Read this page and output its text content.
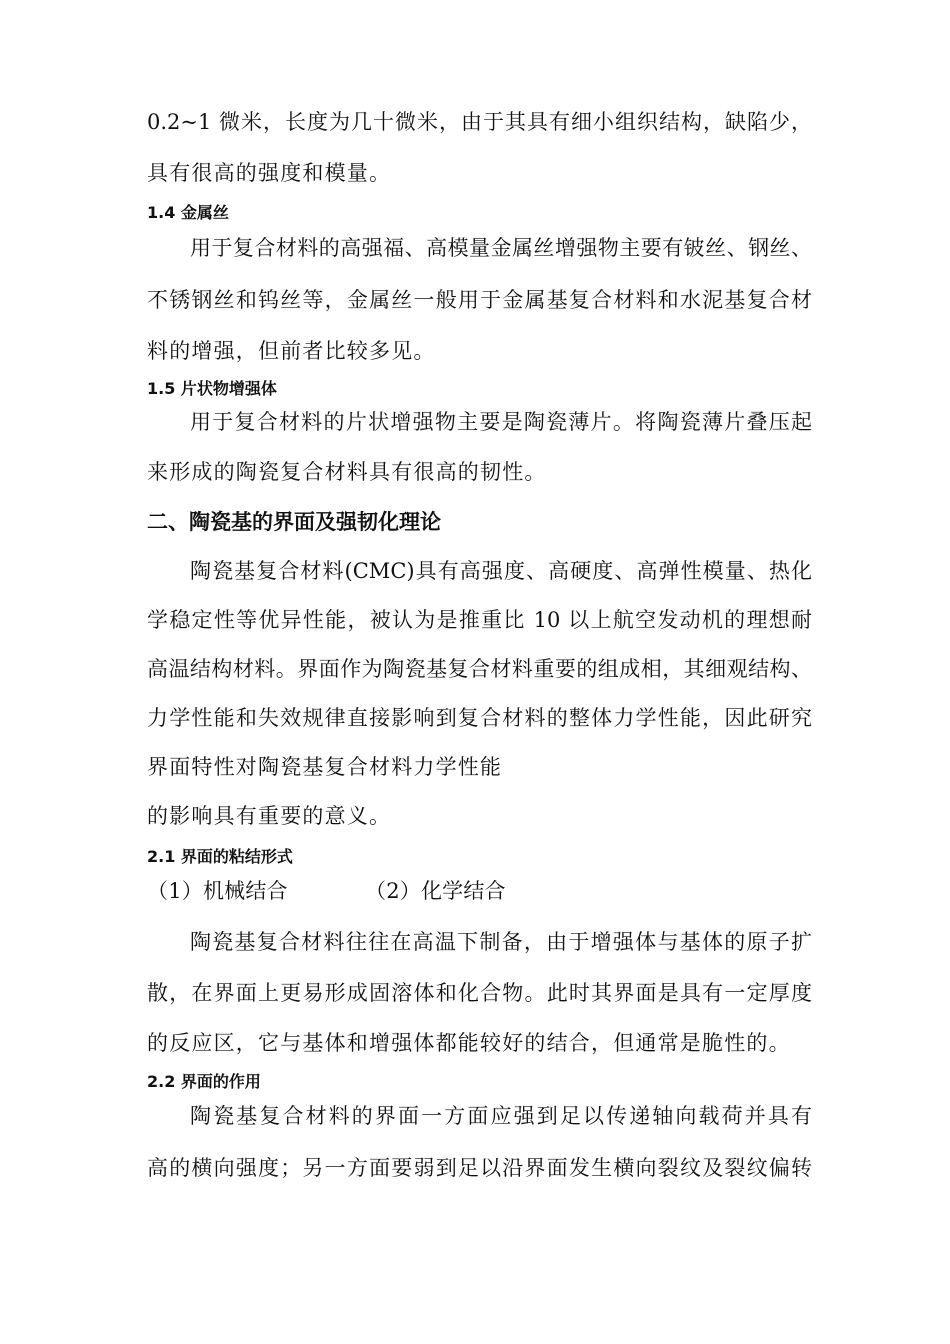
0.2~1 微米，长度为几十微米，由于其具有细小组织结构，缺陷少，
具有很高的强度和模量。
1.4 金属丝
用于复合材料的高强福、高模量金属丝增强物主要有铍丝、钢丝、
不锈钢丝和钨丝等，金属丝一般用于金属基复合材料和水泥基复合材
料的增强，但前者比较多见。
1.5 片状物增强体
用于复合材料的片状增强物主要是陶瓷薄片。将陶瓷薄片叠压起
来形成的陶瓷复合材料具有很高的韧性。
二、陶瓷基的界面及强韧化理论
陶瓷基复合材料(CMC)具有高强度、高硬度、高弹性模量、热化
学稳定性等优异性能，被认为是推重比 10 以上航空发动机的理想耐
高温结构材料。界面作为陶瓷基复合材料重要的组成相，其细观结构、
力学性能和失效规律直接影响到复合材料的整体力学性能，因此研究
界面特性对陶瓷基复合材料力学性能
的影响具有重要的意义。
2.1 界面的粘结形式
（1）机械结合	（2）化学结合
陶瓷基复合材料往往在高温下制备，由于增强体与基体的原子扩
散，在界面上更易形成固溶体和化合物。此时其界面是具有一定厚度
的反应区，它与基体和增强体都能较好的结合，但通常是脆性的。
2.2 界面的作用
陶瓷基复合材料的界面一方面应强到足以传递轴向载荷并具有
高的横向强度；另一方面要弱到足以沿界面发生横向裂纹及裂纹偏转
